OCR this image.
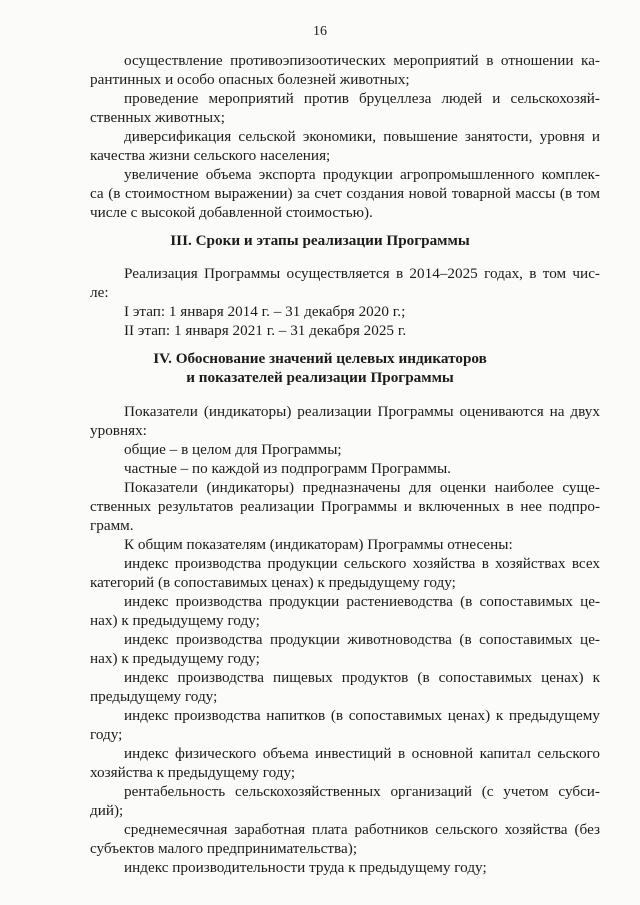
16
осуществление противоэпизоотических мероприятий в отношении ка-
рантинных и особо опасных болезней животных;
проведение мероприятий против бруцеллеза людей и сельскохозяй-
ственных животных;
диверсификация сельской экономики, повышение занятости, уровня и
качества жизни сельского населения;
увеличение объема экспорта продукции агропромышленного комплек-
са (в стоимостном выражении) за счет создания новой товарной массы (в том
числе с высокой добавленной стоимостью).
III. Сроки и этапы реализации Программы
Реализация Программы осуществляется в 2014–2025 годах, в том чис-
ле:
I этап: 1 января 2014 г. – 31 декабря 2020 г.;
II этап: 1 января 2021 г. – 31 декабря 2025 г.
IV. Обоснование значений целевых индикаторов
и показателей реализации Программы
Показатели (индикаторы) реализации Программы оцениваются на двух
уровнях:
общие – в целом для Программы;
частные – по каждой из подпрограмм Программы.
Показатели (индикаторы) предназначены для оценки наиболее суще-
ственных результатов реализации Программы и включенных в нее подпро-
грамм.
К общим показателям (индикаторам) Программы отнесены:
индекс производства продукции сельского хозяйства в хозяйствах всех
категорий (в сопоставимых ценах) к предыдущему году;
индекс производства продукции растениеводства (в сопоставимых це-
нах) к предыдущему году;
индекс производства продукции животноводства (в сопоставимых це-
нах) к предыдущему году;
индекс производства пищевых продуктов (в сопоставимых ценах) к
предыдущему году;
индекс производства напитков (в сопоставимых ценах) к предыдущему
году;
индекс физического объема инвестиций в основной капитал сельского
хозяйства к предыдущему году;
рентабельность сельскохозяйственных организаций (с учетом субси-
дий);
среднемесячная заработная плата работников сельского хозяйства (без
субъектов малого предпринимательства);
индекс производительности труда к предыдущему году;
